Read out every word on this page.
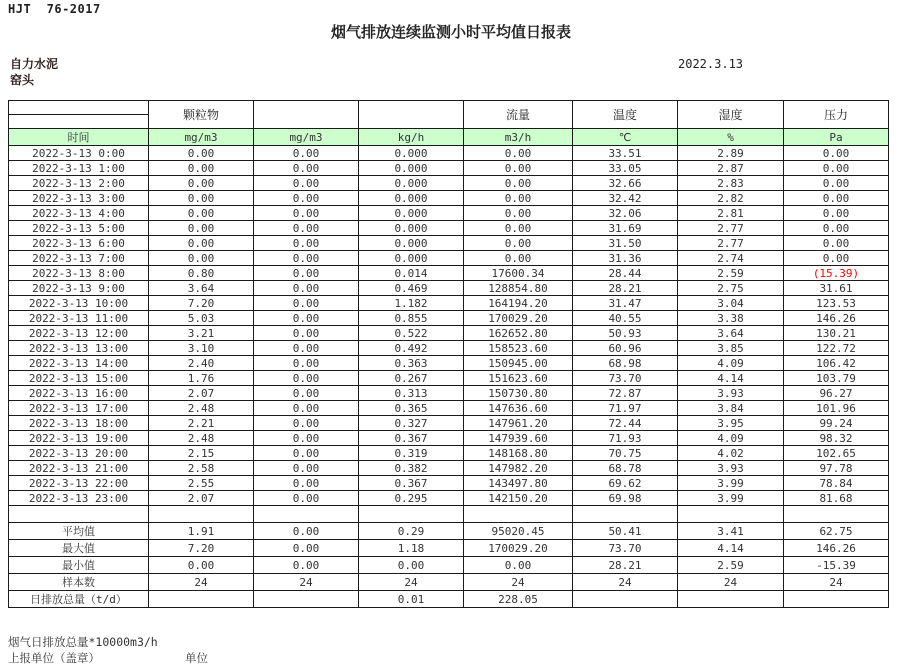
HJT  76-2017
烟气排放连续监测小时平均值日报表
自力水泥
窑头
2022.3.13
	颗粒物			流量	温度	湿度	压力

时间	mg/m3	mg/m3	kg/h	m3/h	℃	%	Pa
2022-3-13 0:00	0.00	0.00	0.000	0.00	33.51	2.89	0.00
2022-3-13 1:00	0.00	0.00	0.000	0.00	33.05	2.87	0.00
2022-3-13 2:00	0.00	0.00	0.000	0.00	32.66	2.83	0.00
2022-3-13 3:00	0.00	0.00	0.000	0.00	32.42	2.82	0.00
2022-3-13 4:00	0.00	0.00	0.000	0.00	32.06	2.81	0.00
2022-3-13 5:00	0.00	0.00	0.000	0.00	31.69	2.77	0.00
2022-3-13 6:00	0.00	0.00	0.000	0.00	31.50	2.77	0.00
2022-3-13 7:00	0.00	0.00	0.000	0.00	31.36	2.74	0.00
2022-3-13 8:00	0.80	0.00	0.014	17600.34	28.44	2.59	(15.39)
2022-3-13 9:00	3.64	0.00	0.469	128854.80	28.21	2.75	31.61
2022-3-13 10:00	7.20	0.00	1.182	164194.20	31.47	3.04	123.53
2022-3-13 11:00	5.03	0.00	0.855	170029.20	40.55	3.38	146.26
2022-3-13 12:00	3.21	0.00	0.522	162652.80	50.93	3.64	130.21
2022-3-13 13:00	3.10	0.00	0.492	158523.60	60.96	3.85	122.72
2022-3-13 14:00	2.40	0.00	0.363	150945.00	68.98	4.09	106.42
2022-3-13 15:00	1.76	0.00	0.267	151623.60	73.70	4.14	103.79
2022-3-13 16:00	2.07	0.00	0.313	150730.80	72.87	3.93	96.27
2022-3-13 17:00	2.48	0.00	0.365	147636.60	71.97	3.84	101.96
2022-3-13 18:00	2.21	0.00	0.327	147961.20	72.44	3.95	99.24
2022-3-13 19:00	2.48	0.00	0.367	147939.60	71.93	4.09	98.32
2022-3-13 20:00	2.15	0.00	0.319	148168.80	70.75	4.02	102.65
2022-3-13 21:00	2.58	0.00	0.382	147982.20	68.78	3.93	97.78
2022-3-13 22:00	2.55	0.00	0.367	143497.80	69.62	3.99	78.84
2022-3-13 23:00	2.07	0.00	0.295	142150.20	69.98	3.99	81.68

平均值	1.91	0.00	0.29	95020.45	50.41	3.41	62.75
最大值	7.20	0.00	1.18	170029.20	73.70	4.14	146.26
最小值	0.00	0.00	0.00	0.00	28.21	2.59	-15.39
样本数	24	24	24	24	24	24	24
日排放总量（t/d）			0.01	228.05			
烟气日排放总量*10000m3/h
上报单位（盖章）	单位
